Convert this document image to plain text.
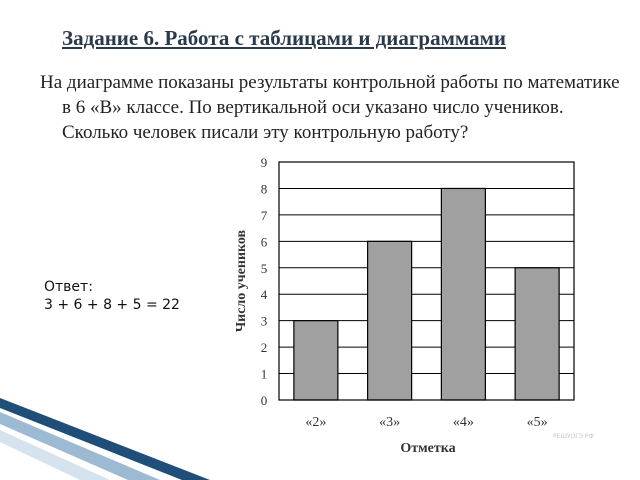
Задание 6. Работа с таблицами и диаграммами
На диаграмме показаны результаты контрольной работы по математике в 6 «В» классе. По вертикальной оси указано число учеников. Сколько человек писали эту контрольную работу?
Ответ:
3 + 6 + 8 + 5 = 22
0
1
2
3
4
5
6
7
8
9
«2»	«3»	«4»	«5»
Число учеников
Отметка
РЕШУОГЭ.РФ
